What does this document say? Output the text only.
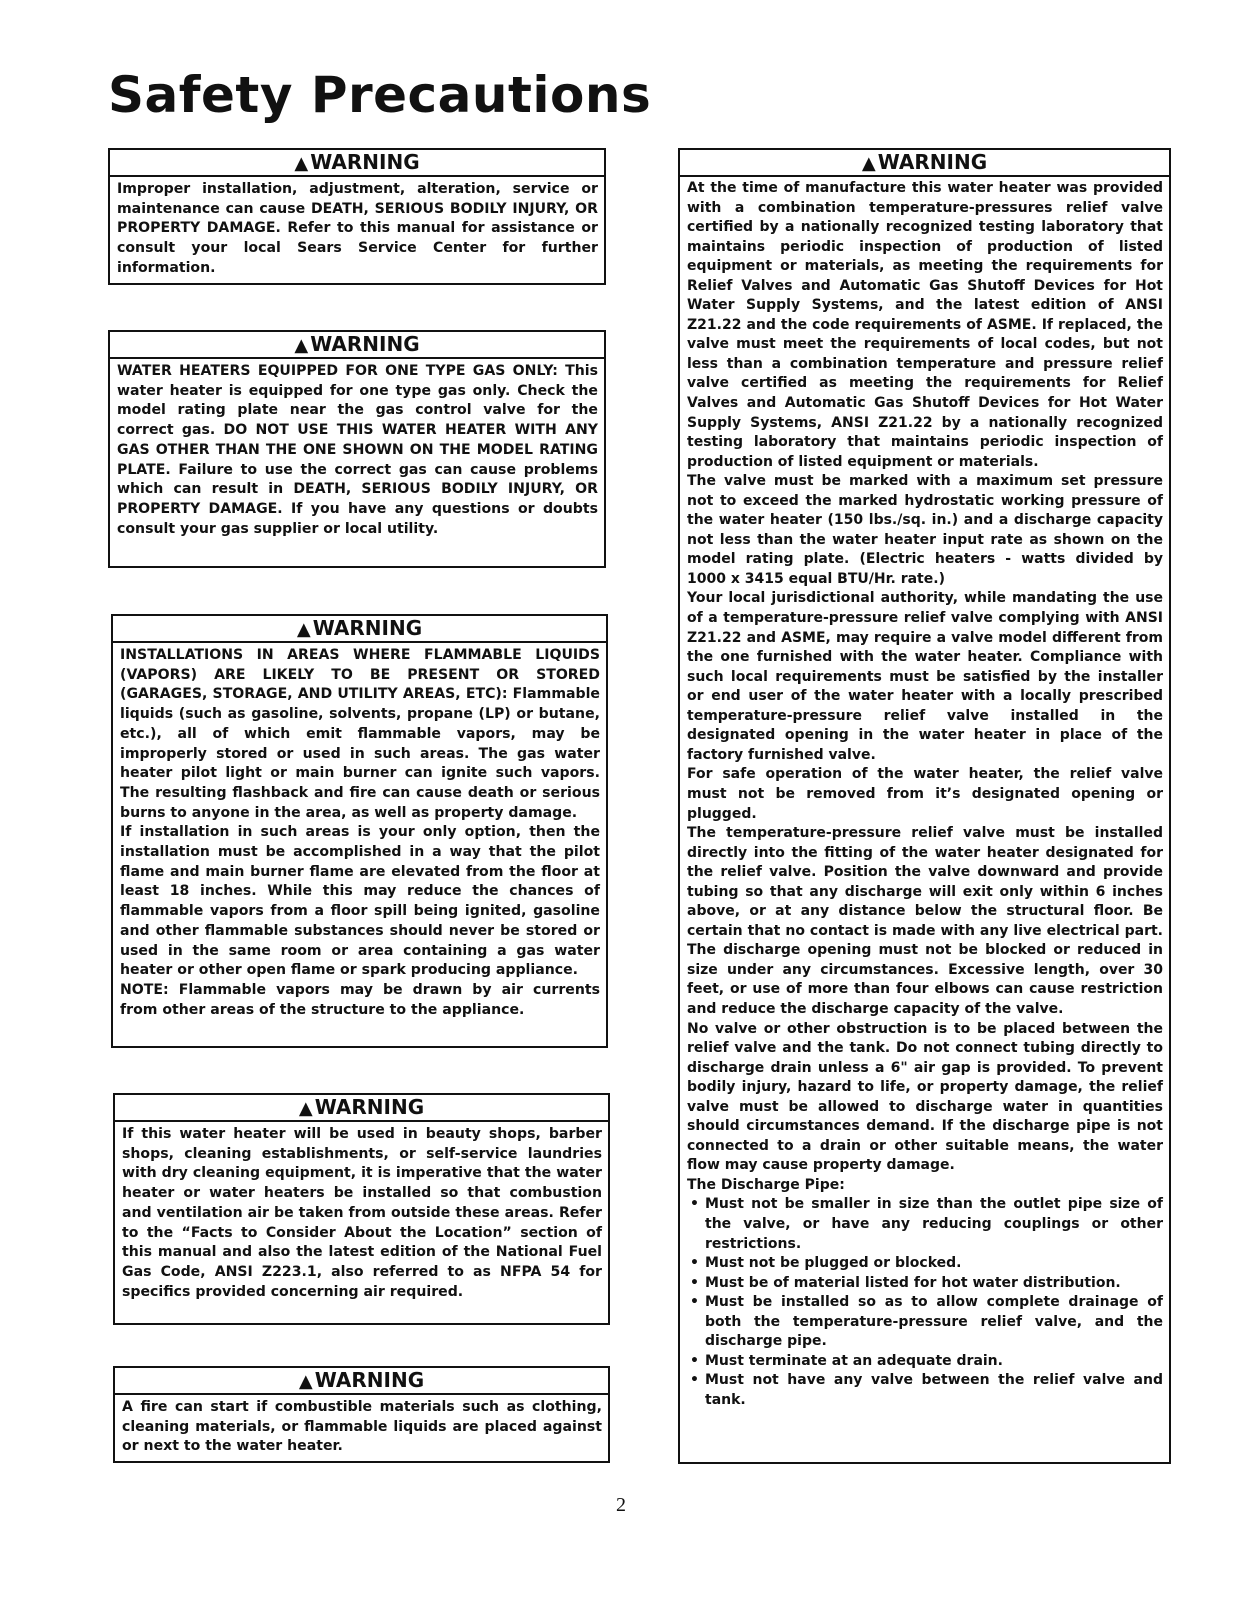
Safety Precautions
▲ WARNING

Improper installation, adjustment, alteration, service or maintenance can cause DEATH, SERIOUS BODILY INJURY, OR PROPERTY DAMAGE. Refer to this manual for assistance or consult your local Sears Service Center for further information.

▲ WARNING

WATER HEATERS EQUIPPED FOR ONE TYPE GAS ONLY: This water heater is equipped for one type gas only. Check the model rating plate near the gas control valve for the correct gas. DO NOT USE THIS WATER HEATER WITH ANY GAS OTHER THAN THE ONE SHOWN ON THE MODEL RATING PLATE. Failure to use the correct gas can cause problems which can result in DEATH, SERIOUS BODILY INJURY, OR PROPERTY DAMAGE. If you have any questions or doubts consult your gas supplier or local utility.

▲ WARNING

INSTALLATIONS IN AREAS WHERE FLAMMABLE LIQUIDS (VAPORS) ARE LIKELY TO BE PRESENT OR STORED (GARAGES, STORAGE, AND UTILITY AREAS, ETC): Flammable liquids (such as gasoline, solvents, propane (LP) or butane, etc.), all of which emit flammable vapors, may be improperly stored or used in such areas. The gas water heater pilot light or main burner can ignite such vapors. The resulting flashback and fire can cause death or serious burns to anyone in the area, as well as property damage.

If installation in such areas is your only option, then the installation must be accomplished in a way that the pilot flame and main burner flame are elevated from the floor at least 18 inches. While this may reduce the chances of flammable vapors from a floor spill being ignited, gasoline and other flammable substances should never be stored or used in the same room or area containing a gas water heater or other open flame or spark producing appliance.

NOTE: Flammable vapors may be drawn by air currents from other areas of the structure to the appliance.

▲ WARNING

If this water heater will be used in beauty shops, barber shops, cleaning establishments, or self-service laundries with dry cleaning equipment, it is imperative that the water heater or water heaters be installed so that combustion and ventilation air be taken from outside these areas. Refer to the “Facts to Consider About the Location” section of this manual and also the latest edition of the National Fuel Gas Code, ANSI Z223.1, also referred to as NFPA 54 for specifics provided concerning air required.

▲ WARNING

A fire can start if combustible materials such as clothing, cleaning materials, or flammable liquids are placed against or next to the water heater.

▲ WARNING

At the time of manufacture this water heater was provided with a combination temperature-pressures relief valve certified by a nationally recognized testing laboratory that maintains periodic inspection of production of listed equipment or materials, as meeting the requirements for Relief Valves and Automatic Gas Shutoff Devices for Hot Water Supply Systems, and the latest edition of ANSI Z21.22 and the code requirements of ASME. If replaced, the valve must meet the requirements of local codes, but not less than a combination temperature and pressure relief valve certified as meeting the requirements for Relief Valves and Automatic Gas Shutoff Devices for Hot Water Supply Systems, ANSI Z21.22 by a nationally recognized testing laboratory that maintains periodic inspection of production of listed equipment or materials.

The valve must be marked with a maximum set pressure not to exceed the marked hydrostatic working pressure of the water heater (150 lbs./sq. in.) and a discharge capacity not less than the water heater input rate as shown on the model rating plate. (Electric heaters - watts divided by 1000 x 3415 equal BTU/Hr. rate.)

Your local jurisdictional authority, while mandating the use of a temperature-pressure relief valve complying with ANSI Z21.22 and ASME, may require a valve model different from the one furnished with the water heater. Compliance with such local requirements must be satisfied by the installer or end user of the water heater with a locally prescribed temperature-pressure relief valve installed in the designated opening in the water heater in place of the factory furnished valve.

For safe operation of the water heater, the relief valve must not be removed from it’s designated opening or plugged.

The temperature-pressure relief valve must be installed directly into the fitting of the water heater designated for the relief valve. Position the valve downward and provide tubing so that any discharge will exit only within 6 inches above, or at any distance below the structural floor. Be certain that no contact is made with any live electrical part. The discharge opening must not be blocked or reduced in size under any circumstances. Excessive length, over 30 feet, or use of more than four elbows can cause restriction and reduce the discharge capacity of the valve.

No valve or other obstruction is to be placed between the relief valve and the tank. Do not connect tubing directly to discharge drain unless a 6" air gap is provided. To prevent bodily injury, hazard to life, or property damage, the relief valve must be allowed to discharge water in quantities should circumstances demand. If the discharge pipe is not connected to a drain or other suitable means, the water flow may cause property damage.

The Discharge Pipe:

• Must not be smaller in size than the outlet pipe size of the valve, or have any reducing couplings or other restrictions.
• Must not be plugged or blocked.
• Must be of material listed for hot water distribution.
• Must be installed so as to allow complete drainage of both the temperature-pressure relief valve, and the discharge pipe.
• Must terminate at an adequate drain.
• Must not have any valve between the relief valve and tank.
2
